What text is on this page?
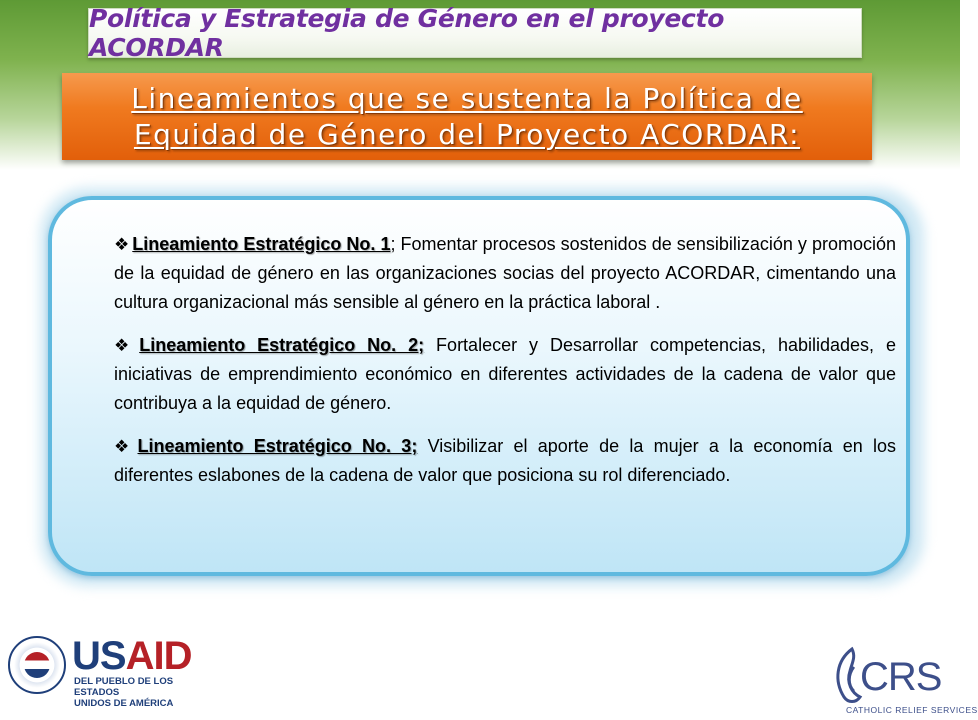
Política y Estrategia de Género en el proyecto ACORDAR
Lineamientos que se sustenta la Política de
Equidad de Género del Proyecto ACORDAR:

❖ Lineamiento Estratégico No. 1; Fomentar procesos sostenidos de sensibilización y promoción de la equidad de género en las organizaciones socias del proyecto ACORDAR, cimentando una cultura organizacional más sensible al género en la práctica laboral .

❖ Lineamiento Estratégico No. 2; Fortalecer y Desarrollar competencias, habilidades, e iniciativas de emprendimiento económico en diferentes actividades de la cadena de valor que contribuya a la equidad de género.

❖ Lineamiento Estratégico No. 3; Visibilizar el aporte de la mujer a la economía en los diferentes eslabones de la cadena de valor que posiciona su rol diferenciado.

USAID
DEL PUEBLO DE LOS ESTADOS
UNIDOS DE AMÉRICA
CRS
CATHOLIC RELIEF SERVICES
